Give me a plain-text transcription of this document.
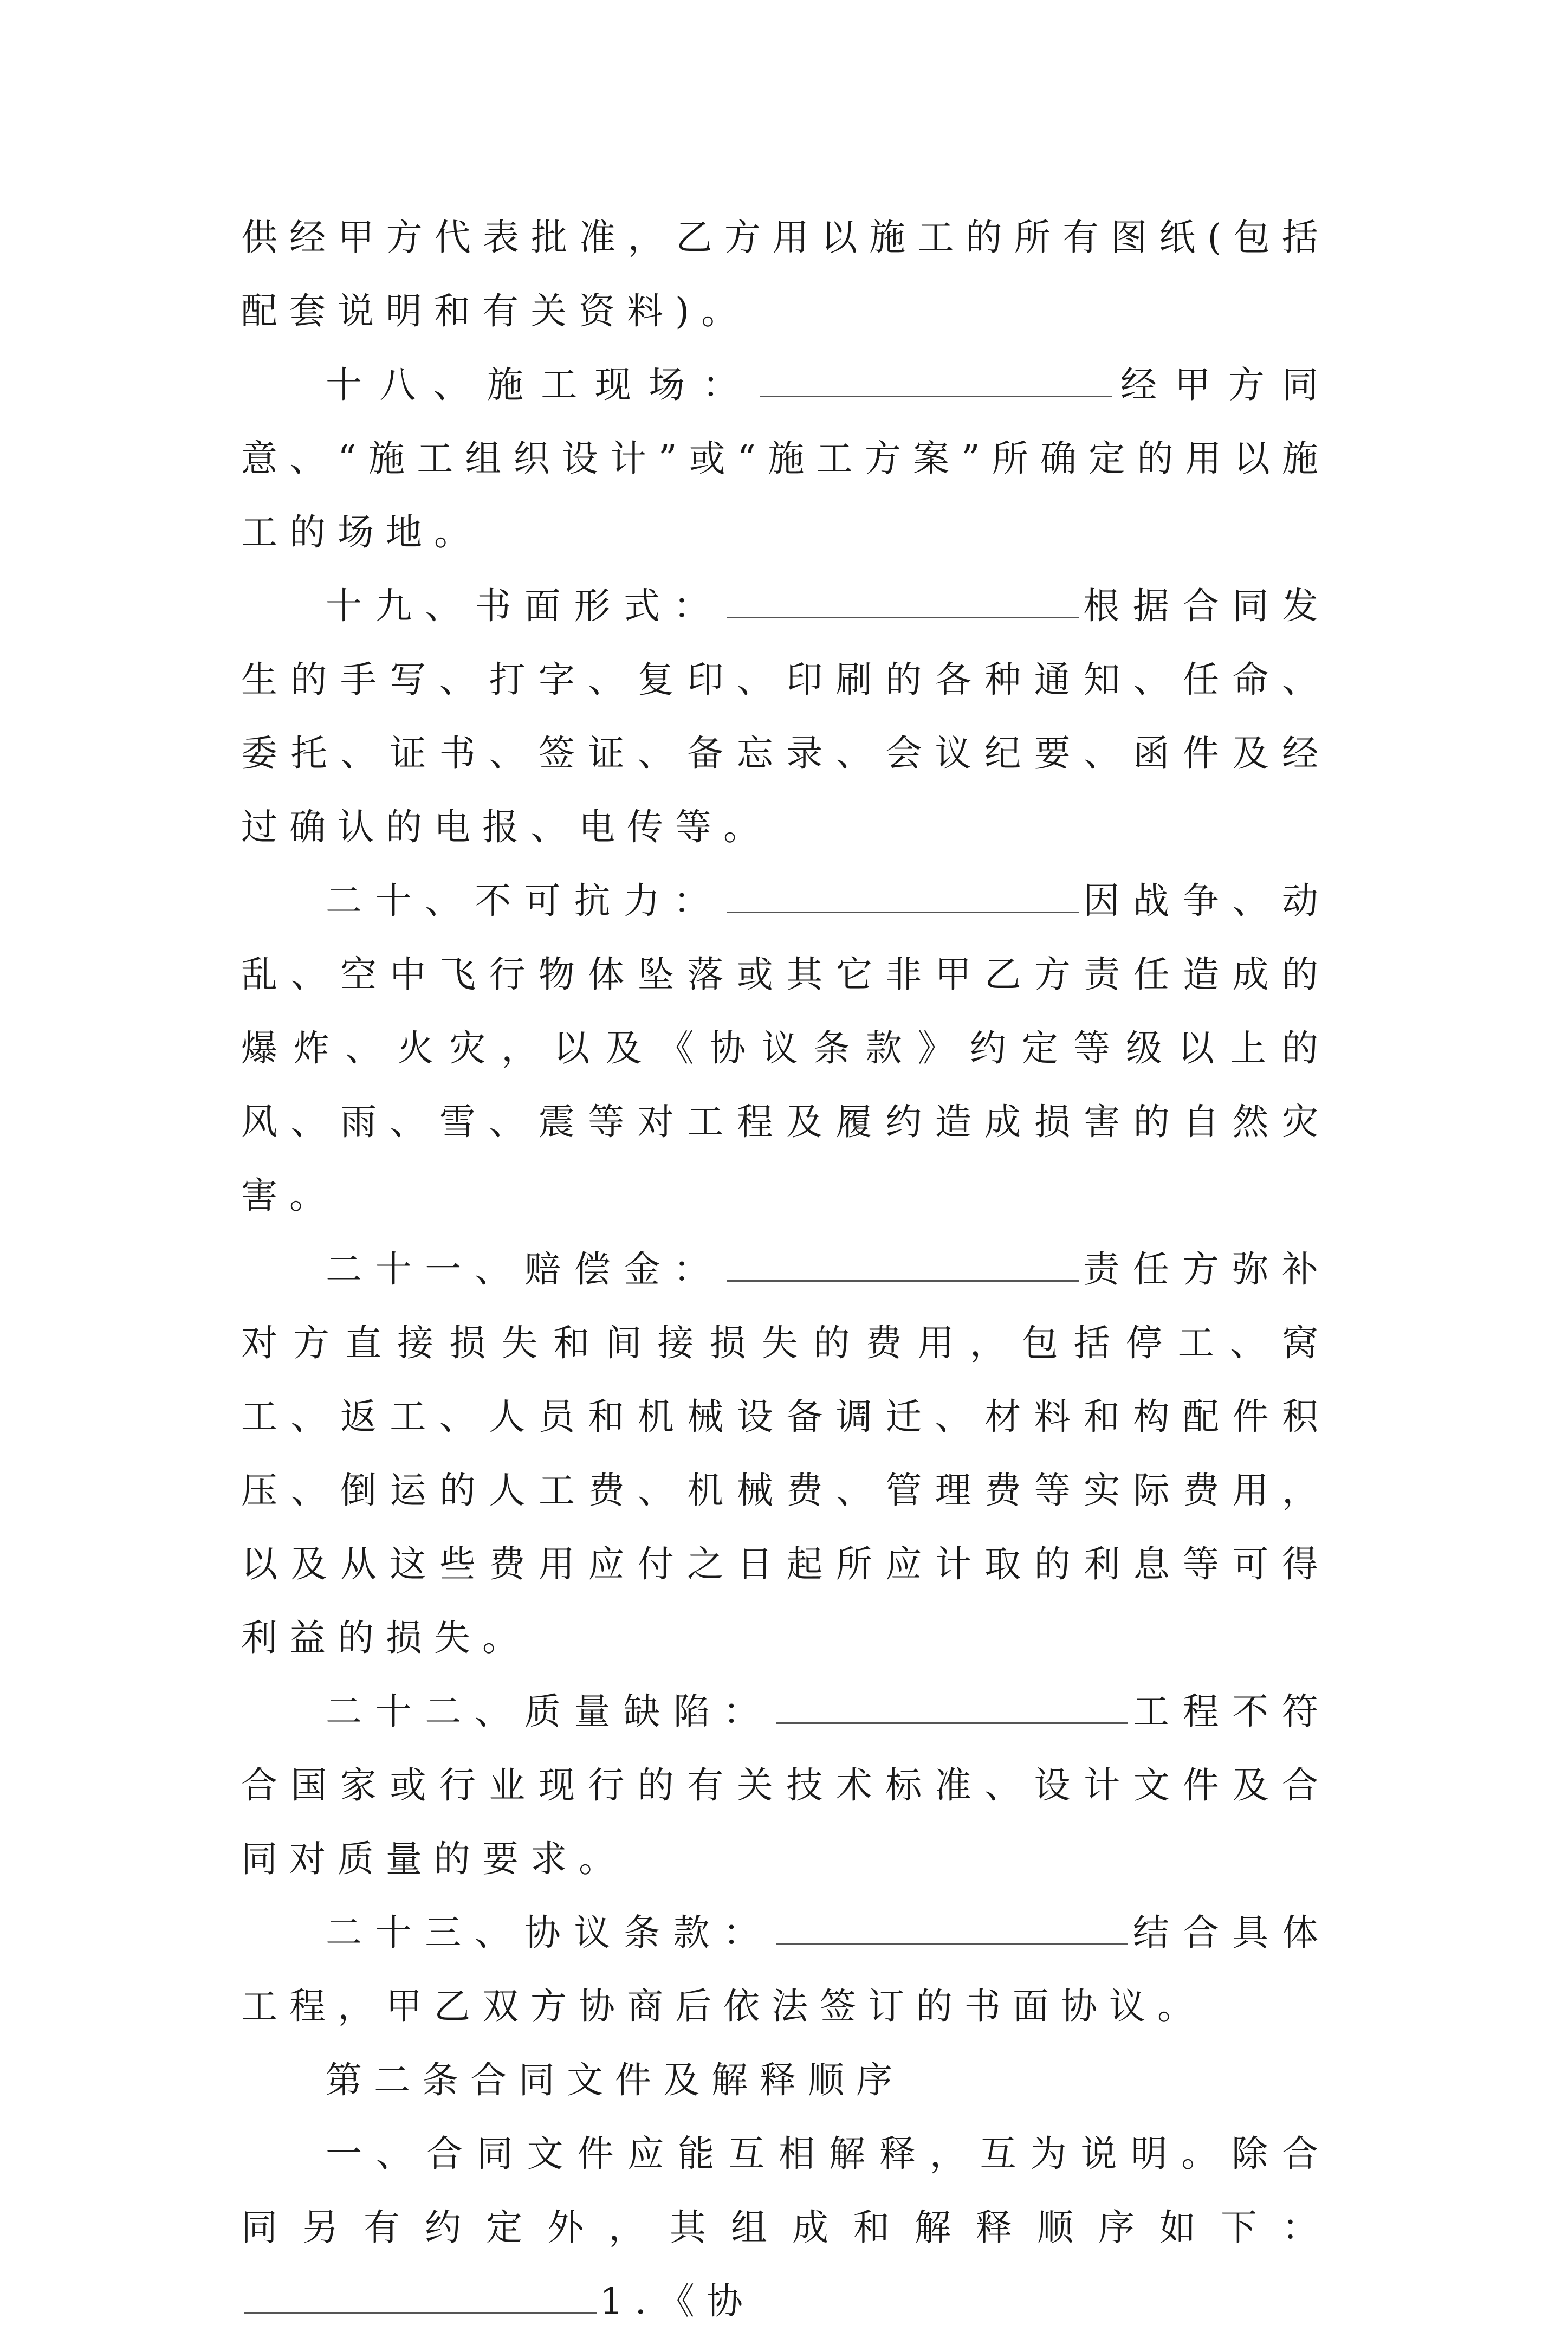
供经甲方代表批准，乙方用以施工的所有图纸(包括配套说明和有关资料)。

十八、施工现场：	经甲方同意、“施工组织设计”或“施工方案”所确定的用以施工的场地。

十九、书面形式：	根据合同发生的手写、打字、复印、印刷的各种通知、任命、委托、证书、签证、备忘录、会议纪要、函件及经过确认的电报、电传等。

二十、不可抗力：	因战争、动乱、空中飞行物体坠落或其它非甲乙方责任造成的爆炸、火灾，以及《协议条款》约定等级以上的风、雨、雪、震等对工程及履约造成损害的自然灾害。

二十一、赔偿金：	责任方弥补对方直接损失和间接损失的费用，包括停工、窝工、返工、人员和机械设备调迁、材料和构配件积压、倒运的人工费、机械费、管理费等实际费用，以及从这些费用应付之日起所应计取的利息等可得利益的损失。

二十二、质量缺陷：	工程不符合国家或行业现行的有关技术标准、设计文件及合同对质量的要求。

二十三、协议条款：	结合具体工程，甲乙双方协商后依法签订的书面协议。

第二条合同文件及解释顺序

一、合同文件应能互相解释，互为说明。除合同另有约定外，其组成和解释顺序如下：1.《协
